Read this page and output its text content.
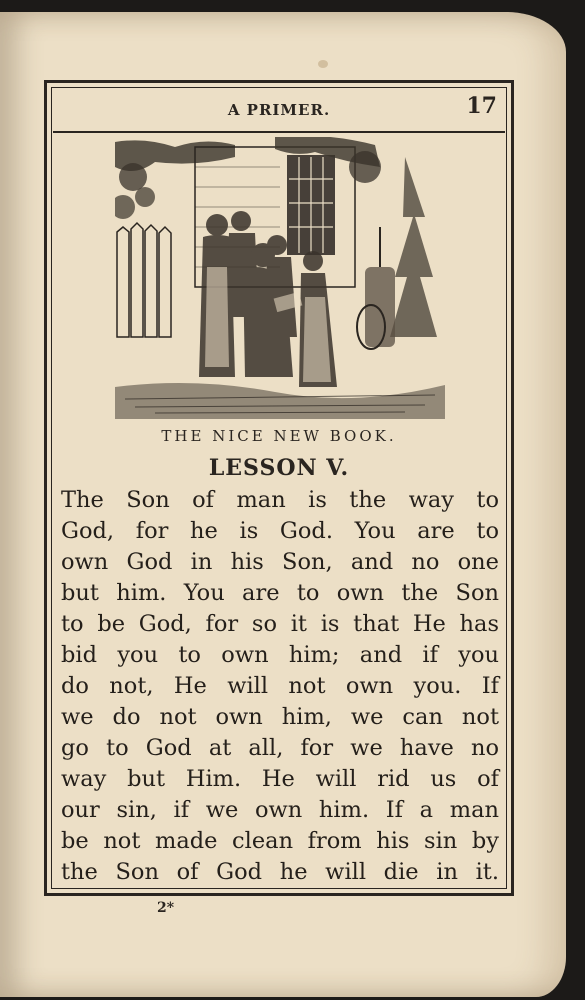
A PRIMER.	17
THE NICE NEW BOOK.
LESSON V.
The Son of man is the way to
God, for he is God. You are to
own God in his Son, and no one
but him. You are to own the Son
to be God, for so it is that He has
bid you to own him; and if you
do not, He will not own you. If
we do not own him, we can not
go to God at all, for we have no
way but Him. He will rid us of
our sin, if we own him. If a man
be not made clean from his sin by
the Son of God he will die in it.
2*
